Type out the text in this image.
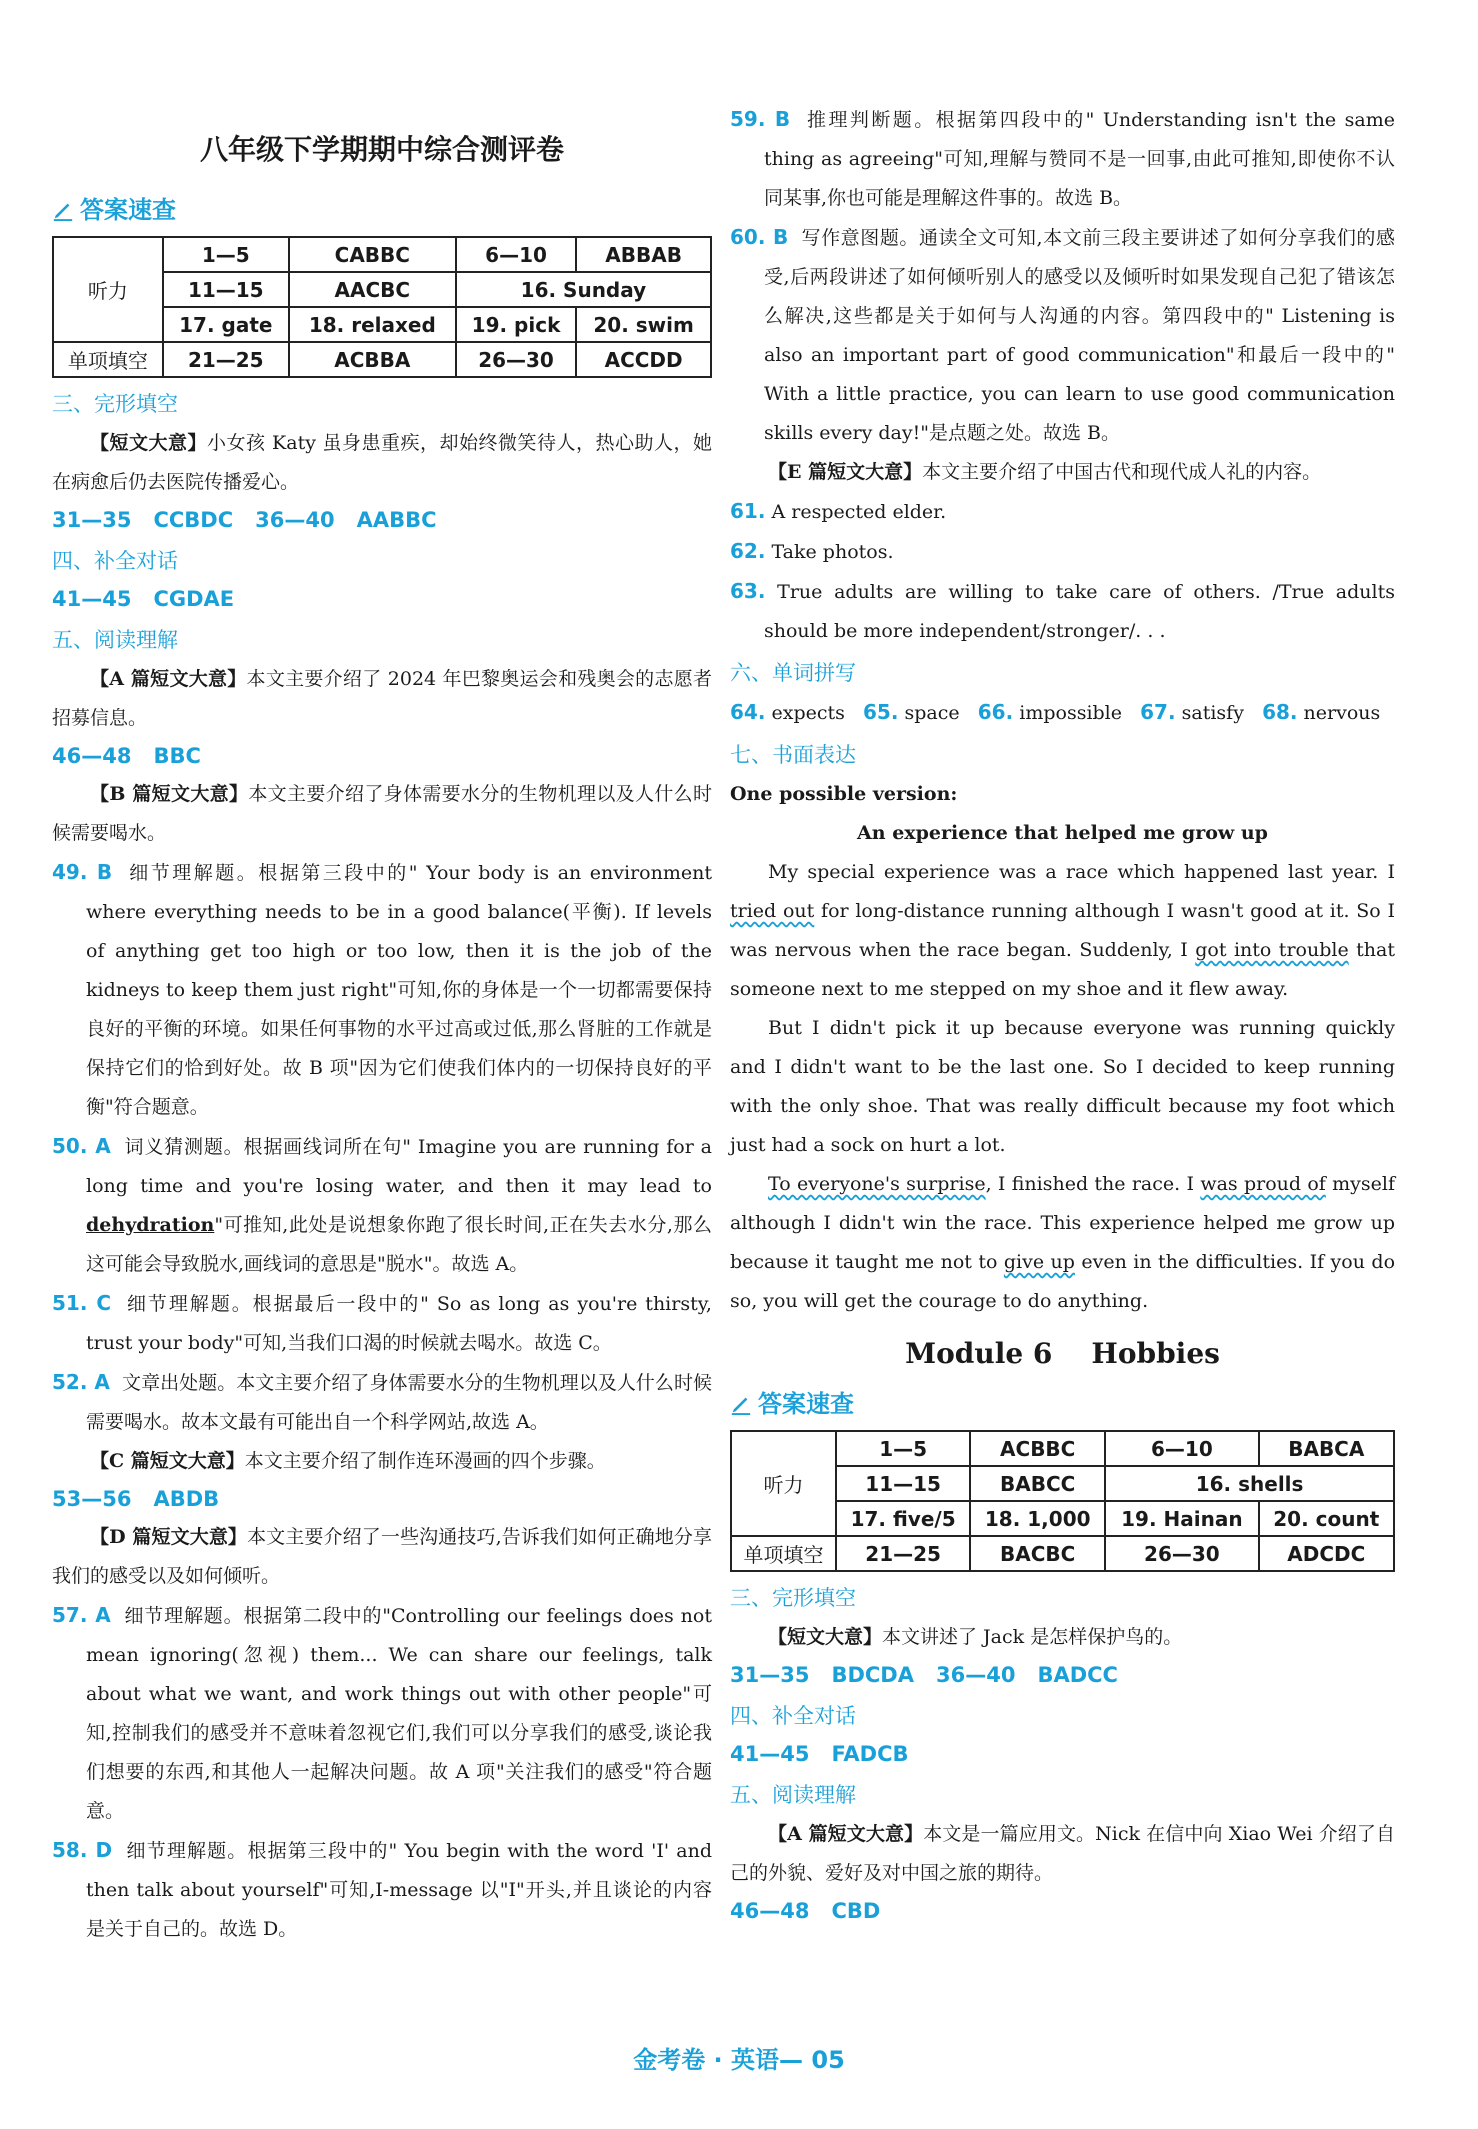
八年级下学期期中综合测评卷
答案速查
听力	1—5	CABBC	6—10	ABBAB
	11—15	AACBC	16. Sunday	
	17. gate	18. relaxed	19. pick	20. swim
单项填空	21—25	ACBBA	26—30	ACCDD
三、完形填空

【短文大意】小女孩 Katy 虽身患重疾，却始终微笑待人，热心助人，她在病愈后仍去医院传播爱心。

31—35 CCBDC 36—40 AABBC
四、补全对话
41—45 CGDAE
五、阅读理解

【A 篇短文大意】本文主要介绍了 2024 年巴黎奥运会和残奥会的志愿者招募信息。

46—48 BBC

【B 篇短文大意】本文主要介绍了身体需要水分的生物机理以及人什么时候需要喝水。

49. B 细节理解题。根据第三段中的" Your body is an environment where everything needs to be in a good balance(平衡). If levels of anything get too high or too low, then it is the job of the kidneys to keep them just right"可知,你的身体是一个一切都需要保持良好的平衡的环境。如果任何事物的水平过高或过低,那么肾脏的工作就是保持它们的恰到好处。故 B 项"因为它们使我们体内的一切保持良好的平衡"符合题意。

50. A 词义猜测题。根据画线词所在句" Imagine you are running for a long time and you're losing water, and then it may lead to dehydration"可推知,此处是说想象你跑了很长时间,正在失去水分,那么这可能会导致脱水,画线词的意思是"脱水"。故选 A。

51. C 细节理解题。根据最后一段中的" So as long as you're thirsty, trust your body"可知,当我们口渴的时候就去喝水。故选 C。

52. A 文章出处题。本文主要介绍了身体需要水分的生物机理以及人什么时候需要喝水。故本文最有可能出自一个科学网站,故选 A。

【C 篇短文大意】本文主要介绍了制作连环漫画的四个步骤。

53—56 ABDB

【D 篇短文大意】本文主要介绍了一些沟通技巧,告诉我们如何正确地分享我们的感受以及如何倾听。

57. A 细节理解题。根据第二段中的"Controlling our feelings does not mean ignoring(忽视) them... We can share our feelings, talk about what we want, and work things out with other people"可知,控制我们的感受并不意味着忽视它们,我们可以分享我们的感受,谈论我们想要的东西,和其他人一起解决问题。故 A 项"关注我们的感受"符合题意。

58. D 细节理解题。根据第三段中的" You begin with the word 'I' and then talk about yourself"可知,I-message 以"I"开头,并且谈论的内容是关于自己的。故选 D。

59. B 推理判断题。根据第四段中的" Understanding isn't the same thing as agreeing"可知,理解与赞同不是一回事,由此可推知,即使你不认同某事,你也可能是理解这件事的。故选 B。

60. B 写作意图题。通读全文可知,本文前三段主要讲述了如何分享我们的感受,后两段讲述了如何倾听别人的感受以及倾听时如果发现自己犯了错该怎么解决,这些都是关于如何与人沟通的内容。第四段中的" Listening is also an important part of good communication"和最后一段中的" With a little practice, you can learn to use good communication skills every day!"是点题之处。故选 B。

【E 篇短文大意】本文主要介绍了中国古代和现代成人礼的内容。

61. A respected elder.

62. Take photos.

63. True adults are willing to take care of others. /True adults should be more independent/stronger/. . .

六、单词拼写

64. expects 65. space 66. impossible 67. satisfy 68. nervous

七、书面表达

One possible version:

An experience that helped me grow up

My special experience was a race which happened last year. I tried out for long-distance running although I wasn't good at it. So I was nervous when the race began. Suddenly, I got into trouble that someone next to me stepped on my shoe and it flew away.

But I didn't pick it up because everyone was running quickly and I didn't want to be the last one. So I decided to keep running with the only shoe. That was really difficult because my foot which just had a sock on hurt a lot.

To everyone's surprise, I finished the race. I was proud of myself although I didn't win the race. This experience helped me grow up because it taught me not to give up even in the difficulties. If you do so, you will get the courage to do anything.

Module 6    Hobbies
答案速查
听力	1—5	ACBBC	6—10	BABCA
	11—15	BABCC	16. shells	
	17. five/5	18. 1,000	19. Hainan	20. count
单项填空	21—25	BACBC	26—30	ADCDC
三、完形填空

【短文大意】本文讲述了 Jack 是怎样保护鸟的。

31—35 BDCDA 36—40 BADCC
四、补全对话
41—45 FADCB
五、阅读理解

【A 篇短文大意】本文是一篇应用文。Nick 在信中向 Xiao Wei 介绍了自己的外貌、爱好及对中国之旅的期待。

46—48 CBD
金考卷 · 英语— 05
